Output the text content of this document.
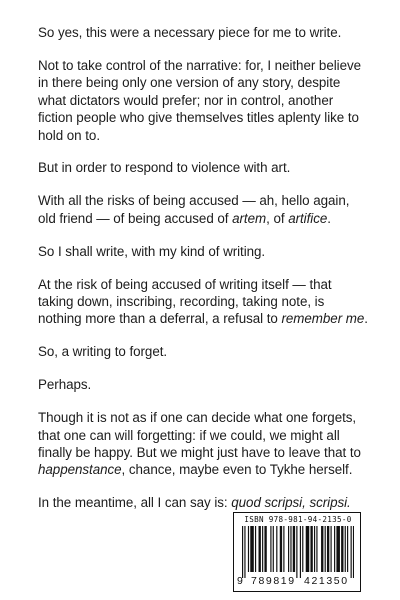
So yes, this were a necessary piece for me to write.

Not to take control of the narrative: for, I neither believe in there being only one version of any story, despite what dictators would prefer; nor in control, another fiction people who give themselves titles aplenty like to hold on to.

But in order to respond to violence with art.

With all the risks of being accused — ah, hello again, old friend — of being accused of artem, of artifice.

So I shall write, with my kind of writing.

At the risk of being accused of writing itself — that taking down, inscribing, recording, taking note, is nothing more than a deferral, a refusal to remember me.

So, a writing to forget.

Perhaps.

Though it is not as if one can decide what one forgets, that one can will forgetting: if we could, we might all finally be happy. But we might just have to leave that to happenstance, chance, maybe even to Tykhe herself.

In the meantime, all I can say is: quod scripsi, scripsi.

ISBN 978-981-94-2135-0
9 789819 421350
